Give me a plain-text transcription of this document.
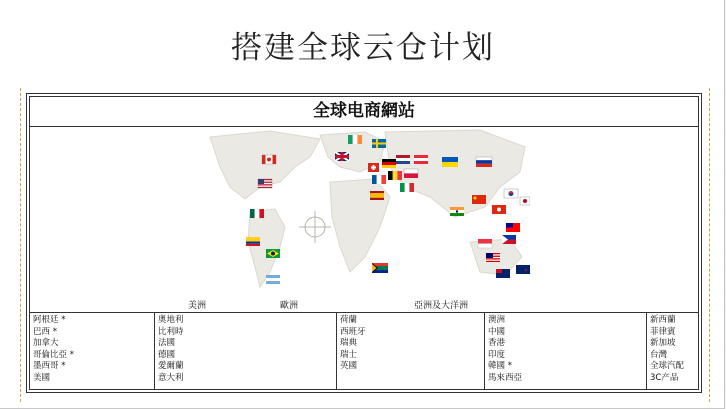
搭建全球云仓计划
全球电商網站
美洲	歐洲	亞洲及大洋洲
阿根廷 *
巴西 *
加拿大
哥倫比亞 *
墨西哥 *
美國
奧地利
比利時
法國
德國
愛爾蘭
意大利
荷蘭
西班牙
瑞典
瑞士
英國
澳洲
中國
香港
印度
韓國 *
馬來西亞
新西蘭
菲律賓
新加坡
台灣
全球汽配
3C产品
